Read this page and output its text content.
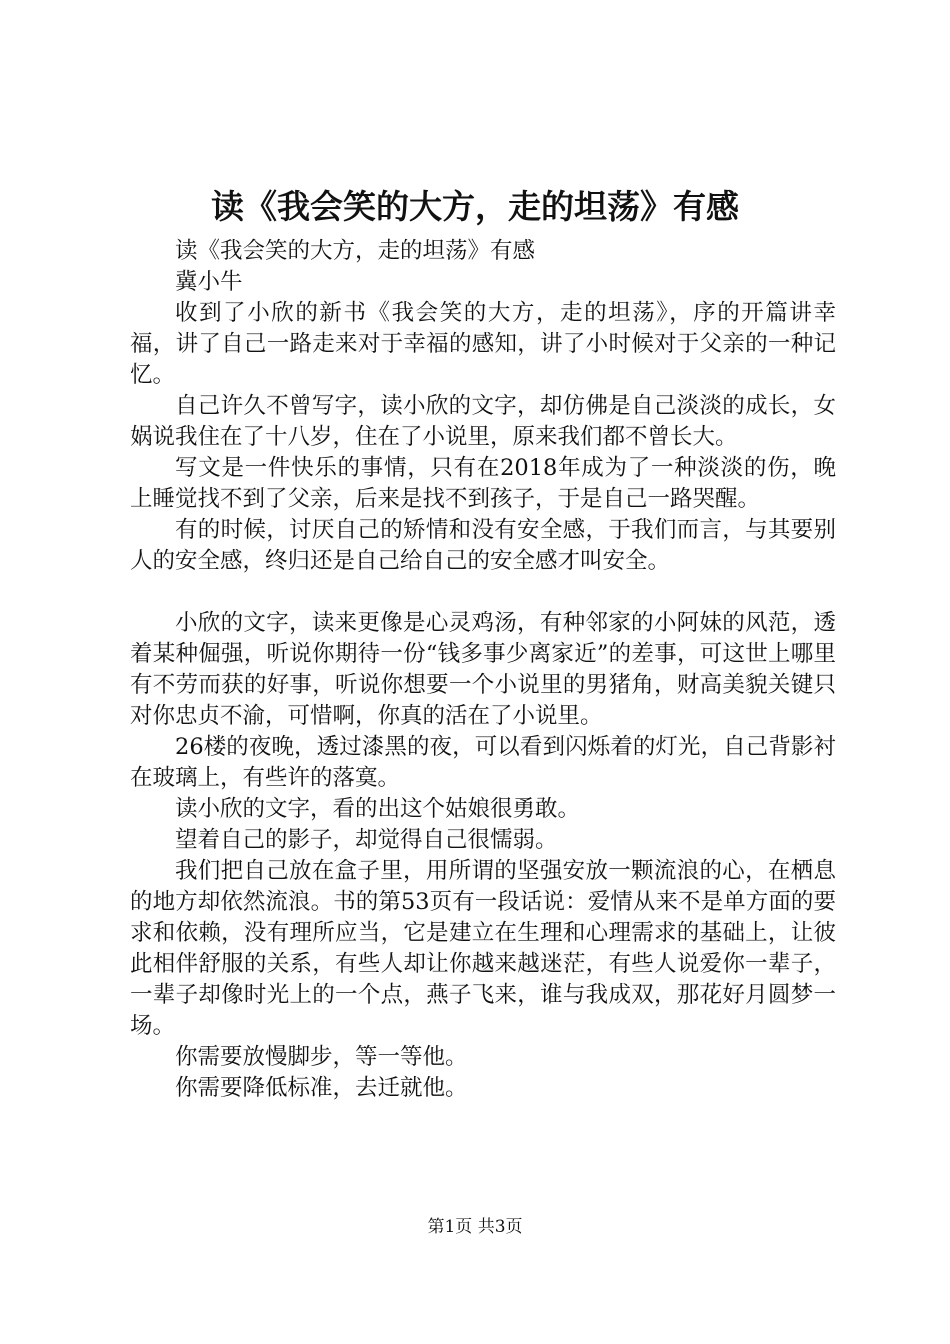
读《我会笑的大方，走的坦荡》有感

读《我会笑的大方，走的坦荡》有感

冀小牛

收到了小欣的新书《我会笑的大方，走的坦荡》，序的开篇讲幸福，讲了自己一路走来对于幸福的感知，讲了小时候对于父亲的一种记忆。

自己许久不曾写字，读小欣的文字，却仿佛是自己淡淡的成长，女娲说我住在了十八岁，住在了小说里，原来我们都不曾长大。

写文是一件快乐的事情，只有在2018年成为了一种淡淡的伤，晚上睡觉找不到了父亲，后来是找不到孩子，于是自己一路哭醒。

有的时候，讨厌自己的矫情和没有安全感，于我们而言，与其要别人的安全感，终归还是自己给自己的安全感才叫安全。

小欣的文字，读来更像是心灵鸡汤，有种邻家的小阿妹的风范，透着某种倔强，听说你期待一份“钱多事少离家近”的差事，可这世上哪里有不劳而获的好事，听说你想要一个小说里的男猪角，财高美貌关键只对你忠贞不渝，可惜啊，你真的活在了小说里。

26楼的夜晚，透过漆黑的夜，可以看到闪烁着的灯光，自己背影衬在玻璃上，有些许的落寞。

读小欣的文字，看的出这个姑娘很勇敢。

望着自己的影子，却觉得自己很懦弱。

我们把自己放在盒子里，用所谓的坚强安放一颗流浪的心，在栖息的地方却依然流浪。书的第53页有一段话说：爱情从来不是单方面的要求和依赖，没有理所应当，它是建立在生理和心理需求的基础上，让彼此相伴舒服的关系，有些人却让你越来越迷茫，有些人说爱你一辈子，一辈子却像时光上的一个点，燕子飞来，谁与我成双，那花好月圆梦一场。

你需要放慢脚步，等一等他。

你需要降低标准，去迁就他。

第1页 共3页
